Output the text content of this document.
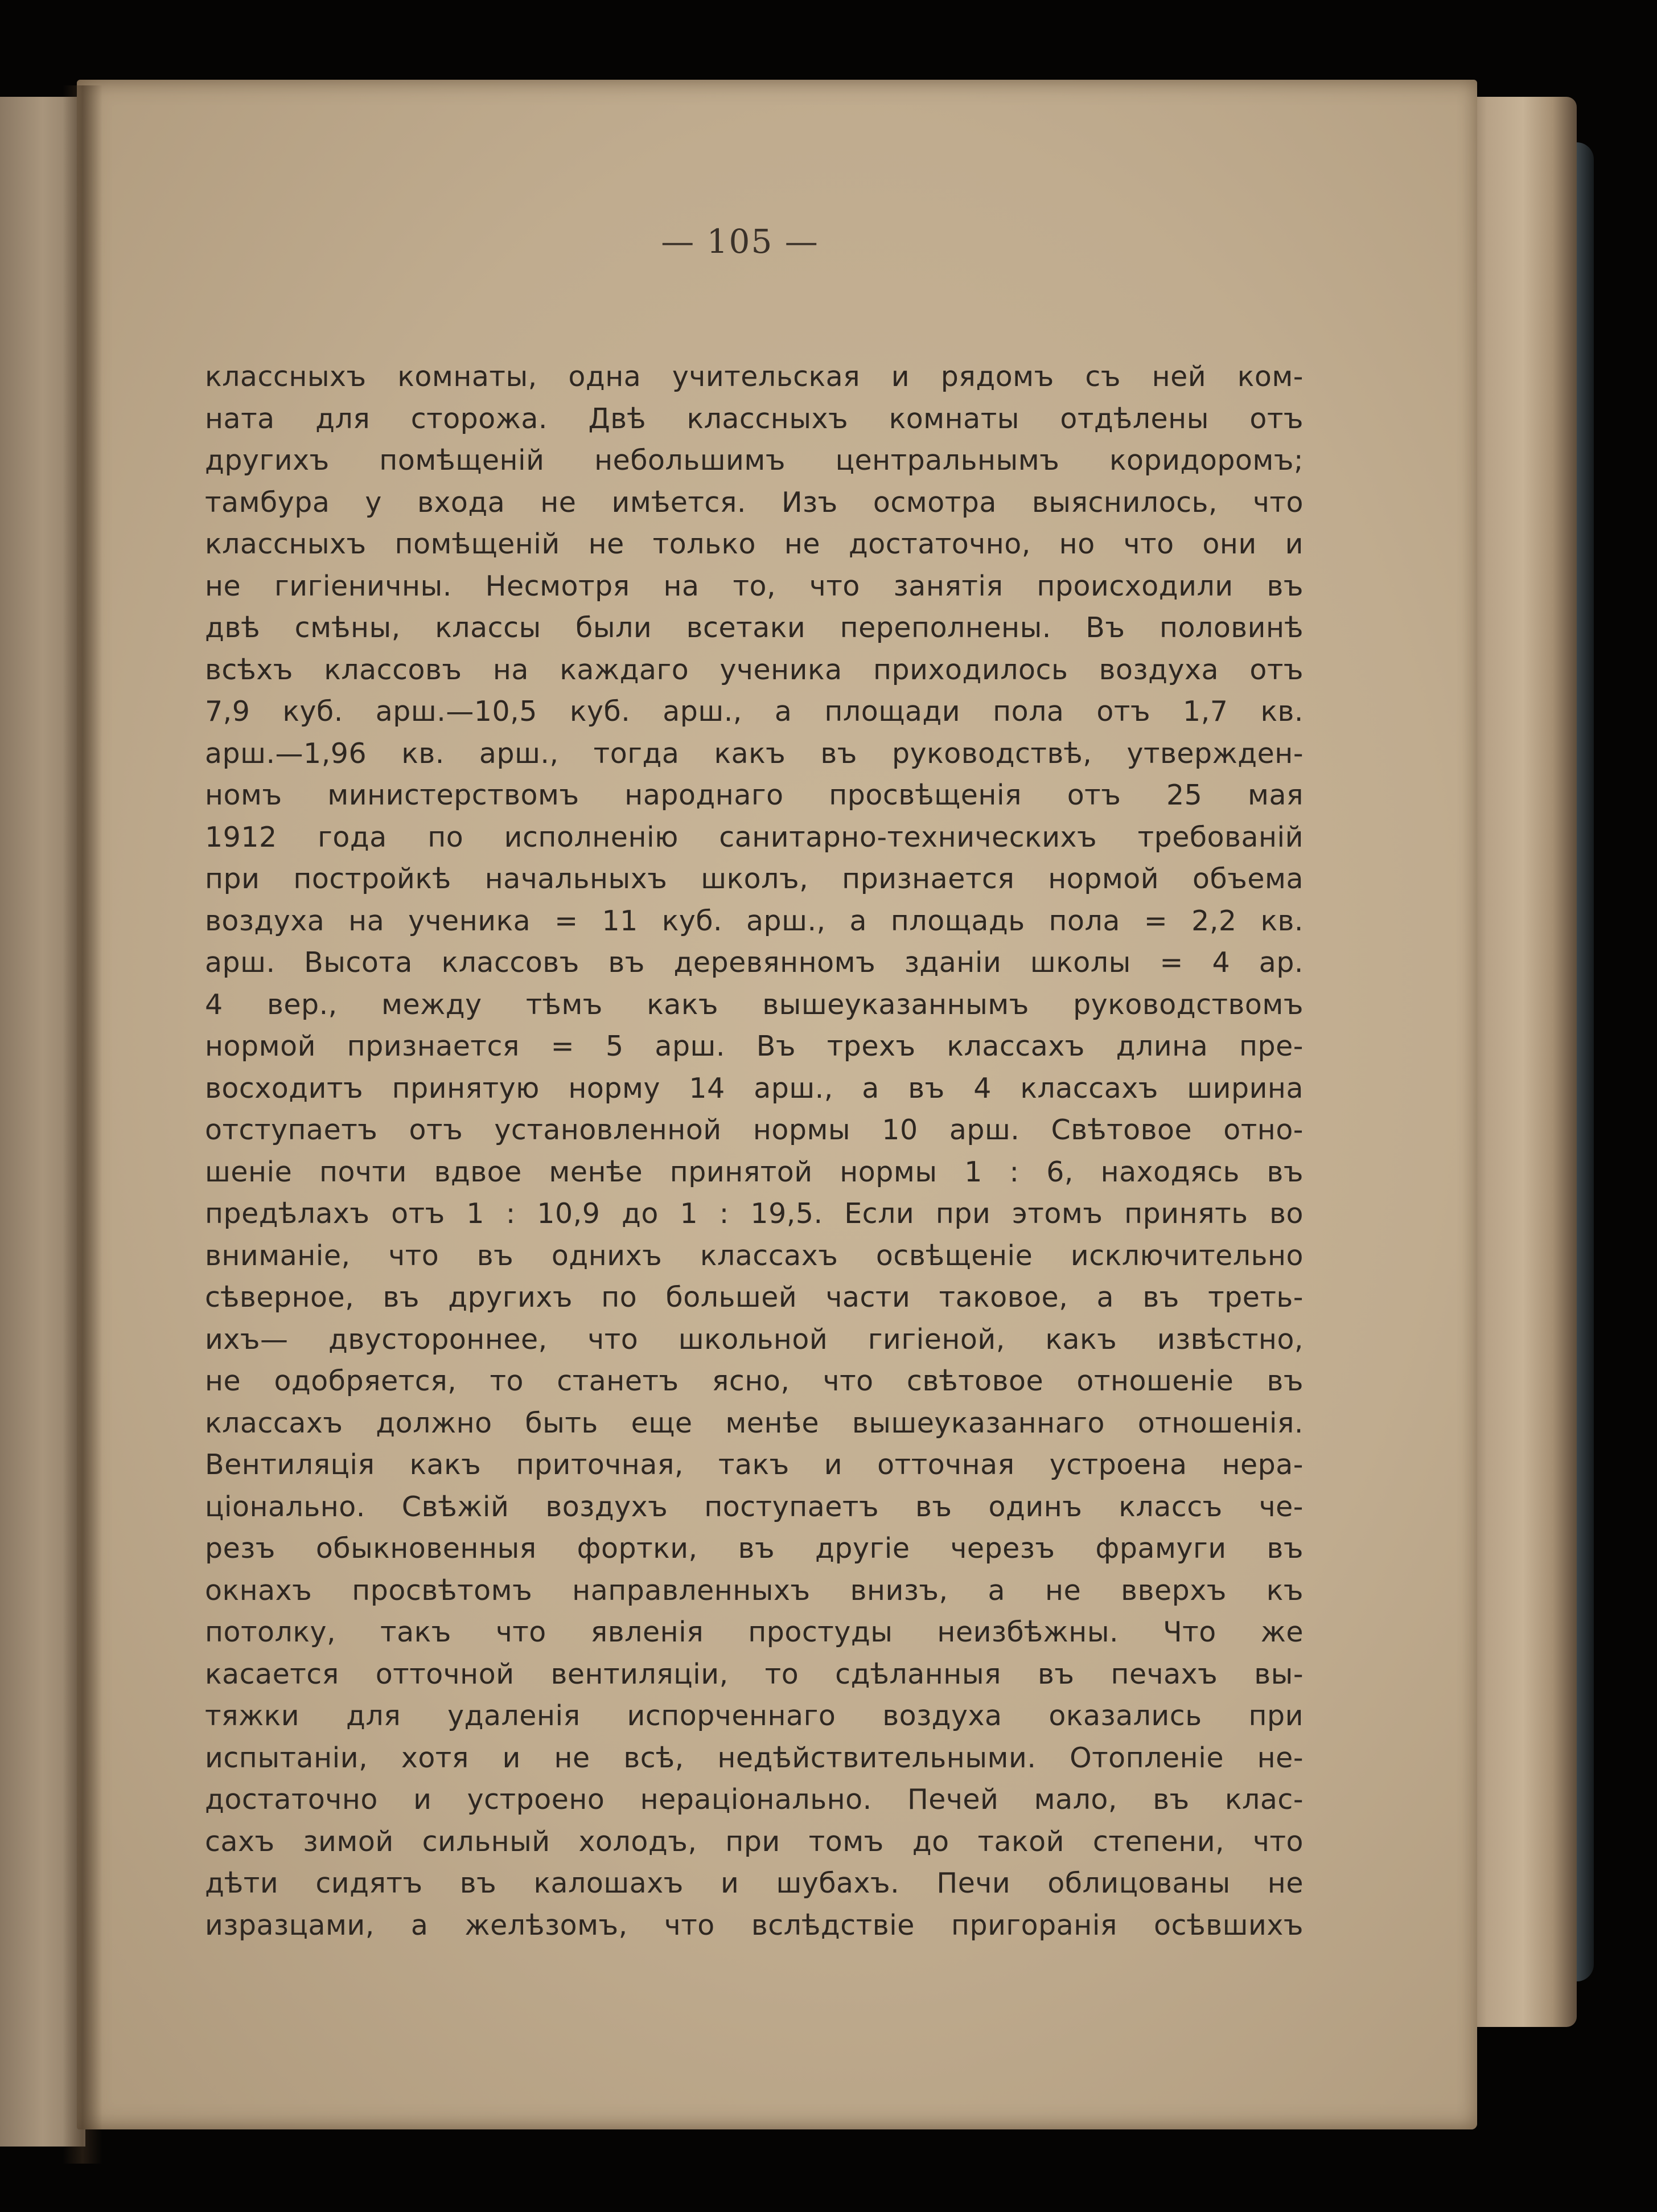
— 105 —
классныхъ комнаты, одна учительская и рядомъ съ ней ком-
ната для сторожа. Двѣ классныхъ комнаты отдѣлены отъ
другихъ помѣщеній небольшимъ центральнымъ коридоромъ;
тамбура у входа не имѣется. Изъ осмотра выяснилось, что
классныхъ помѣщеній не только не достаточно, но что они и
не гигіеничны. Несмотря на то, что занятія происходили въ
двѣ смѣны, классы были всетаки переполнены. Въ половинѣ
всѣхъ классовъ на каждаго ученика приходилось воздуха отъ
7,9 куб. арш.—10,5 куб. арш., а площади пола отъ 1,7 кв.
арш.—1,96 кв. арш., тогда какъ въ руководствѣ, утвержден-
номъ министерствомъ народнаго просвѣщенія отъ 25 мая
1912 года по исполненію санитарно-техническихъ требованій
при постройкѣ начальныхъ школъ, признается нормой объема
воздуха на ученика = 11 куб. арш., а площадь пола = 2,2 кв.
арш. Высота классовъ въ деревянномъ зданіи школы = 4 ар.
4 вер., между тѣмъ какъ вышеуказаннымъ руководствомъ
нормой признается = 5 арш. Въ трехъ классахъ длина пре-
восходитъ принятую норму 14 арш., а въ 4 классахъ ширина
отступаетъ отъ установленной нормы 10 арш. Свѣтовое отно-
шеніе почти вдвое менѣе принятой нормы 1 : 6, находясь въ
предѣлахъ отъ 1 : 10,9 до 1 : 19,5. Если при этомъ принять во
вниманіе, что въ однихъ классахъ освѣщеніе исключительно
сѣверное, въ другихъ по большей части таковое, а въ треть-
ихъ— двустороннее, что школьной гигіеной, какъ извѣстно,
не одобряется, то станетъ ясно, что свѣтовое отношеніе въ
классахъ должно быть еще менѣе вышеуказаннаго отношенія.
Вентиляція какъ приточная, такъ и отточная устроена нера-
ціонально. Свѣжій воздухъ поступаетъ въ одинъ классъ че-
резъ обыкновенныя фортки, въ другіе черезъ фрамуги въ
окнахъ просвѣтомъ направленныхъ внизъ, а не вверхъ къ
потолку, такъ что явленія простуды неизбѣжны. Что же
касается отточной вентиляціи, то сдѣланныя въ печахъ вы-
тяжки для удаленія испорченнаго воздуха оказались при
испытаніи, хотя и не всѣ, недѣйствительными. Отопленіе не-
достаточно и устроено нераціонально. Печей мало, въ клас-
сахъ зимой сильный холодъ, при томъ до такой степени, что
дѣти сидятъ въ калошахъ и шубахъ. Печи облицованы не
изразцами, а желѣзомъ, что вслѣдствіе пригоранія осѣвшихъ
